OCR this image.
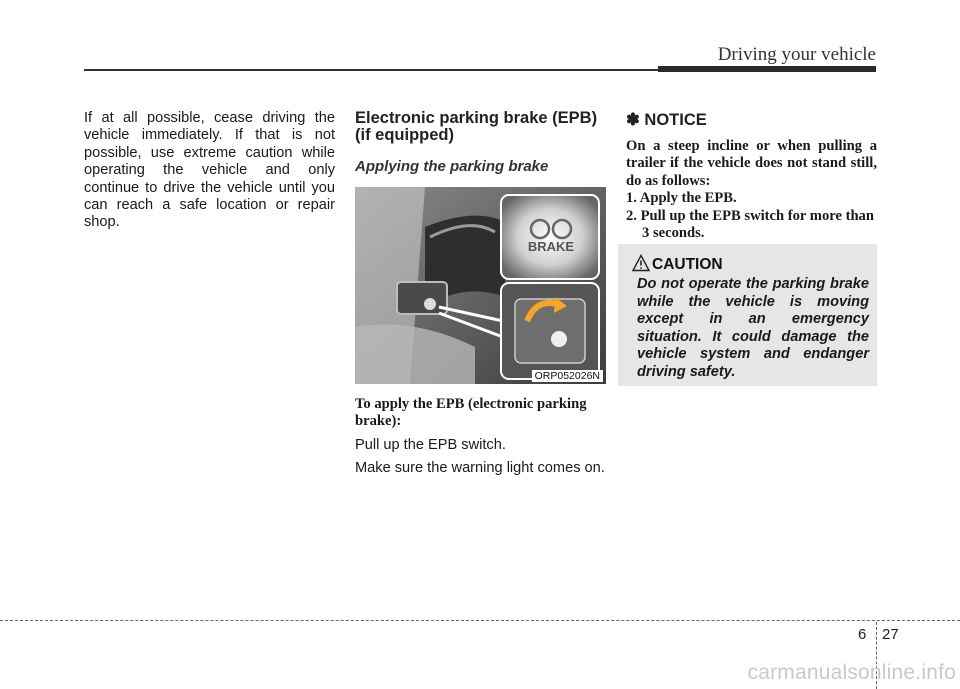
Driving your vehicle

If at all possible, cease driving the vehicle immediately. If that is not possible, use extreme caution while operating the vehicle and only continue to drive the vehicle until you can reach a safe location or repair shop.

Electronic parking brake (EPB) (if equipped)
Applying the parking brake
BRAKE
ORP052026N

To apply the EPB (electronic parking brake):

Pull up the EPB switch.

Make sure the warning light comes on.

✽ NOTICE

On a steep incline or when pulling a trailer if the vehicle does not stand still, do as follows:

1. Apply the EPB.

2. Pull up the EPB switch for more than 3 seconds.

CAUTION

Do not operate the parking brake while the vehicle is moving except in an emergency situation. It could damage the vehicle system and endanger driving safety.

6 27
carmanualsonline.info
